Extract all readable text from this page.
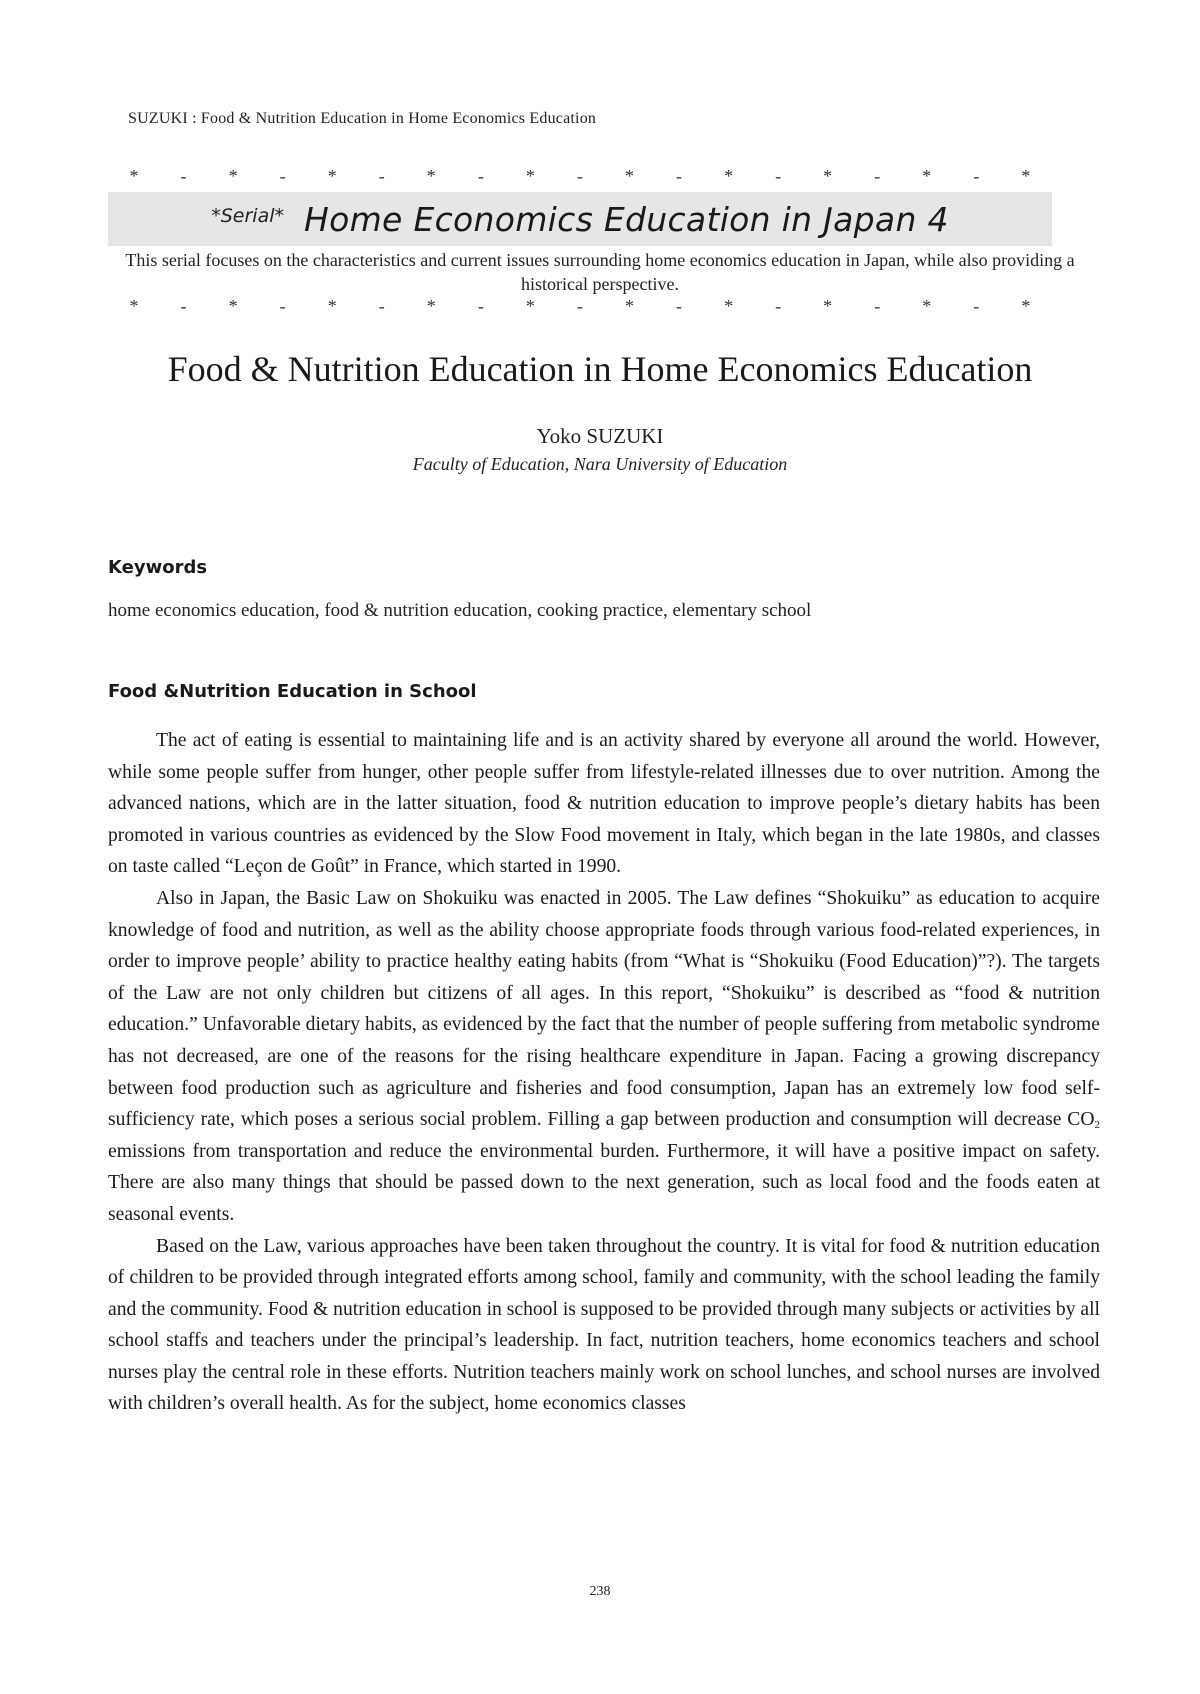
SUZUKI : Food & Nutrition Education in Home Economics Education
* - * - * - * - * - * - * - * - * - *
*Serial* Home Economics Education in Japan 4
This serial focuses on the characteristics and current issues surrounding home economics education in Japan, while also providing a historical perspective.
* - * - * - * - * - * - * - * - * - *
Food & Nutrition Education in Home Economics Education
Yoko SUZUKI
Faculty of Education, Nara University of Education
Keywords
home economics education, food & nutrition education, cooking practice, elementary school
Food &Nutrition Education in School

The act of eating is essential to maintaining life and is an activity shared by everyone all around the world. However, while some people suffer from hunger, other people suffer from lifestyle-related illnesses due to over nutrition. Among the advanced nations, which are in the latter situation, food & nutrition education to improve people’s dietary habits has been promoted in various countries as evidenced by the Slow Food movement in Italy, which began in the late 1980s, and classes on taste called “Leçon de Goût” in France, which started in 1990.

Also in Japan, the Basic Law on Shokuiku was enacted in 2005. The Law defines “Shokuiku” as education to acquire knowledge of food and nutrition, as well as the ability choose appropriate foods through various food-related experiences, in order to improve people’ ability to practice healthy eating habits (from “What is “Shokuiku (Food Education)”?). The targets of the Law are not only children but citizens of all ages. In this report, “Shokuiku” is described as “food & nutrition education.” Unfavorable dietary habits, as evidenced by the fact that the number of people suffering from metabolic syndrome has not decreased, are one of the reasons for the rising healthcare expenditure in Japan. Facing a growing discrepancy between food production such as agriculture and fisheries and food consumption, Japan has an extremely low food self-sufficiency rate, which poses a serious social problem. Filling a gap between production and consumption will decrease $CO_2$ emissions from transportation and reduce the environmental burden. Furthermore, it will have a positive impact on safety. There are also many things that should be passed down to the next generation, such as local food and the foods eaten at seasonal events.

Based on the Law, various approaches have been taken throughout the country. It is vital for food & nutrition education of children to be provided through integrated efforts among school, family and community, with the school leading the family and the community. Food & nutrition education in school is supposed to be provided through many subjects or activities by all school staffs and teachers under the principal’s leadership. In fact, nutrition teachers, home economics teachers and school nurses play the central role in these efforts. Nutrition teachers mainly work on school lunches, and school nurses are involved with children’s overall health. As for the subject, home economics classes

238
